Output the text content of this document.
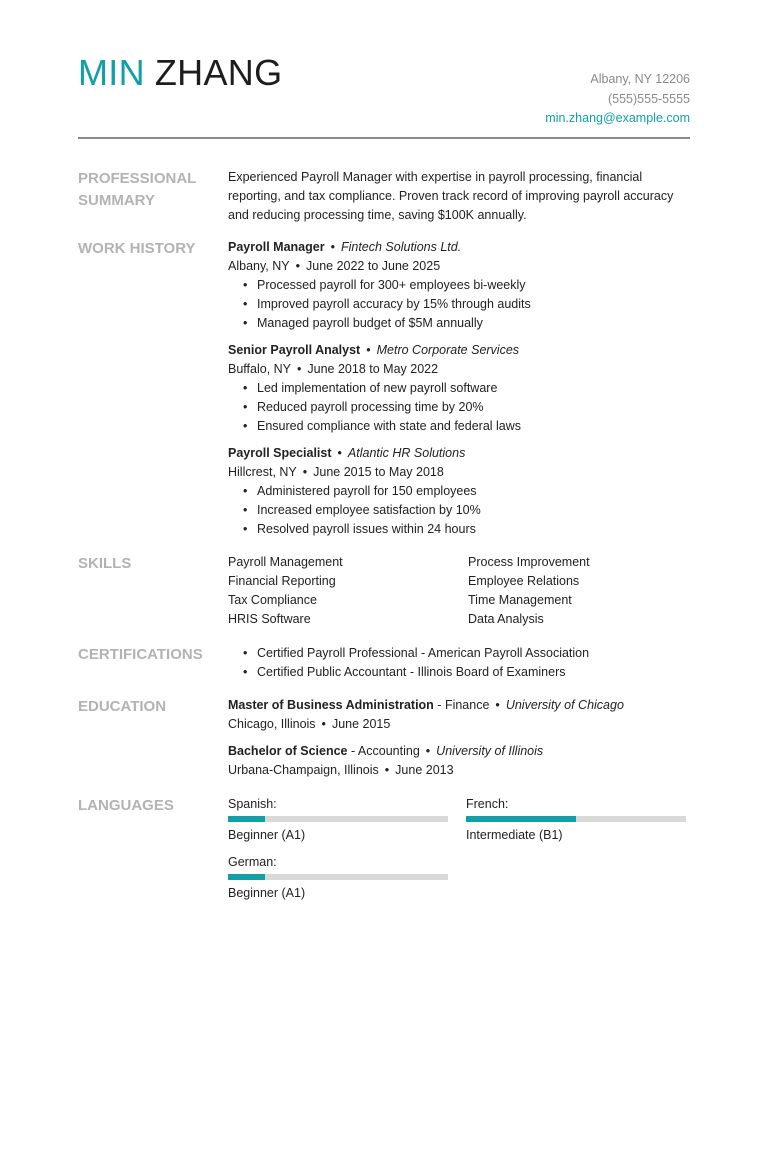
MIN ZHANG	Albany, NY 12206
(555)555-5555
min.zhang@example.com
PROFESSIONAL SUMMARY
Experienced Payroll Manager with expertise in payroll processing, financial reporting, and tax compliance. Proven track record of improving payroll accuracy and reducing processing time, saving $100K annually.
WORK HISTORY	Payroll Manager • Fintech Solutions Ltd.
Albany, NY • June 2022 to June 2025
• Processed payroll for 300+ employees bi-weekly
• Improved payroll accuracy by 15% through audits
• Managed payroll budget of $5M annually
Senior Payroll Analyst • Metro Corporate Services
Buffalo, NY • June 2018 to May 2022
• Led implementation of new payroll software
• Reduced payroll processing time by 20%
• Ensured compliance with state and federal laws
Payroll Specialist • Atlantic HR Solutions
Hillcrest, NY • June 2015 to May 2018
• Administered payroll for 150 employees
• Increased employee satisfaction by 10%
• Resolved payroll issues within 24 hours
SKILLS	Payroll Management	Process Improvement
Financial Reporting	Employee Relations
Tax Compliance	Time Management
HRIS Software	Data Analysis
CERTIFICATIONS
•	Certified Payroll Professional - American Payroll Association
• Certified Public Accountant - Illinois Board of Examiners
EDUCATION	Master of Business Administration - Finance • University of Chicago
Chicago, Illinois • June 2015
Bachelor of Science - Accounting • University of Illinois
Urbana-Champaign, Illinois • June 2013
LANGUAGES	Spanish:
Beginner (A1)
French:
Intermediate (B1)
German:
Beginner (A1)
